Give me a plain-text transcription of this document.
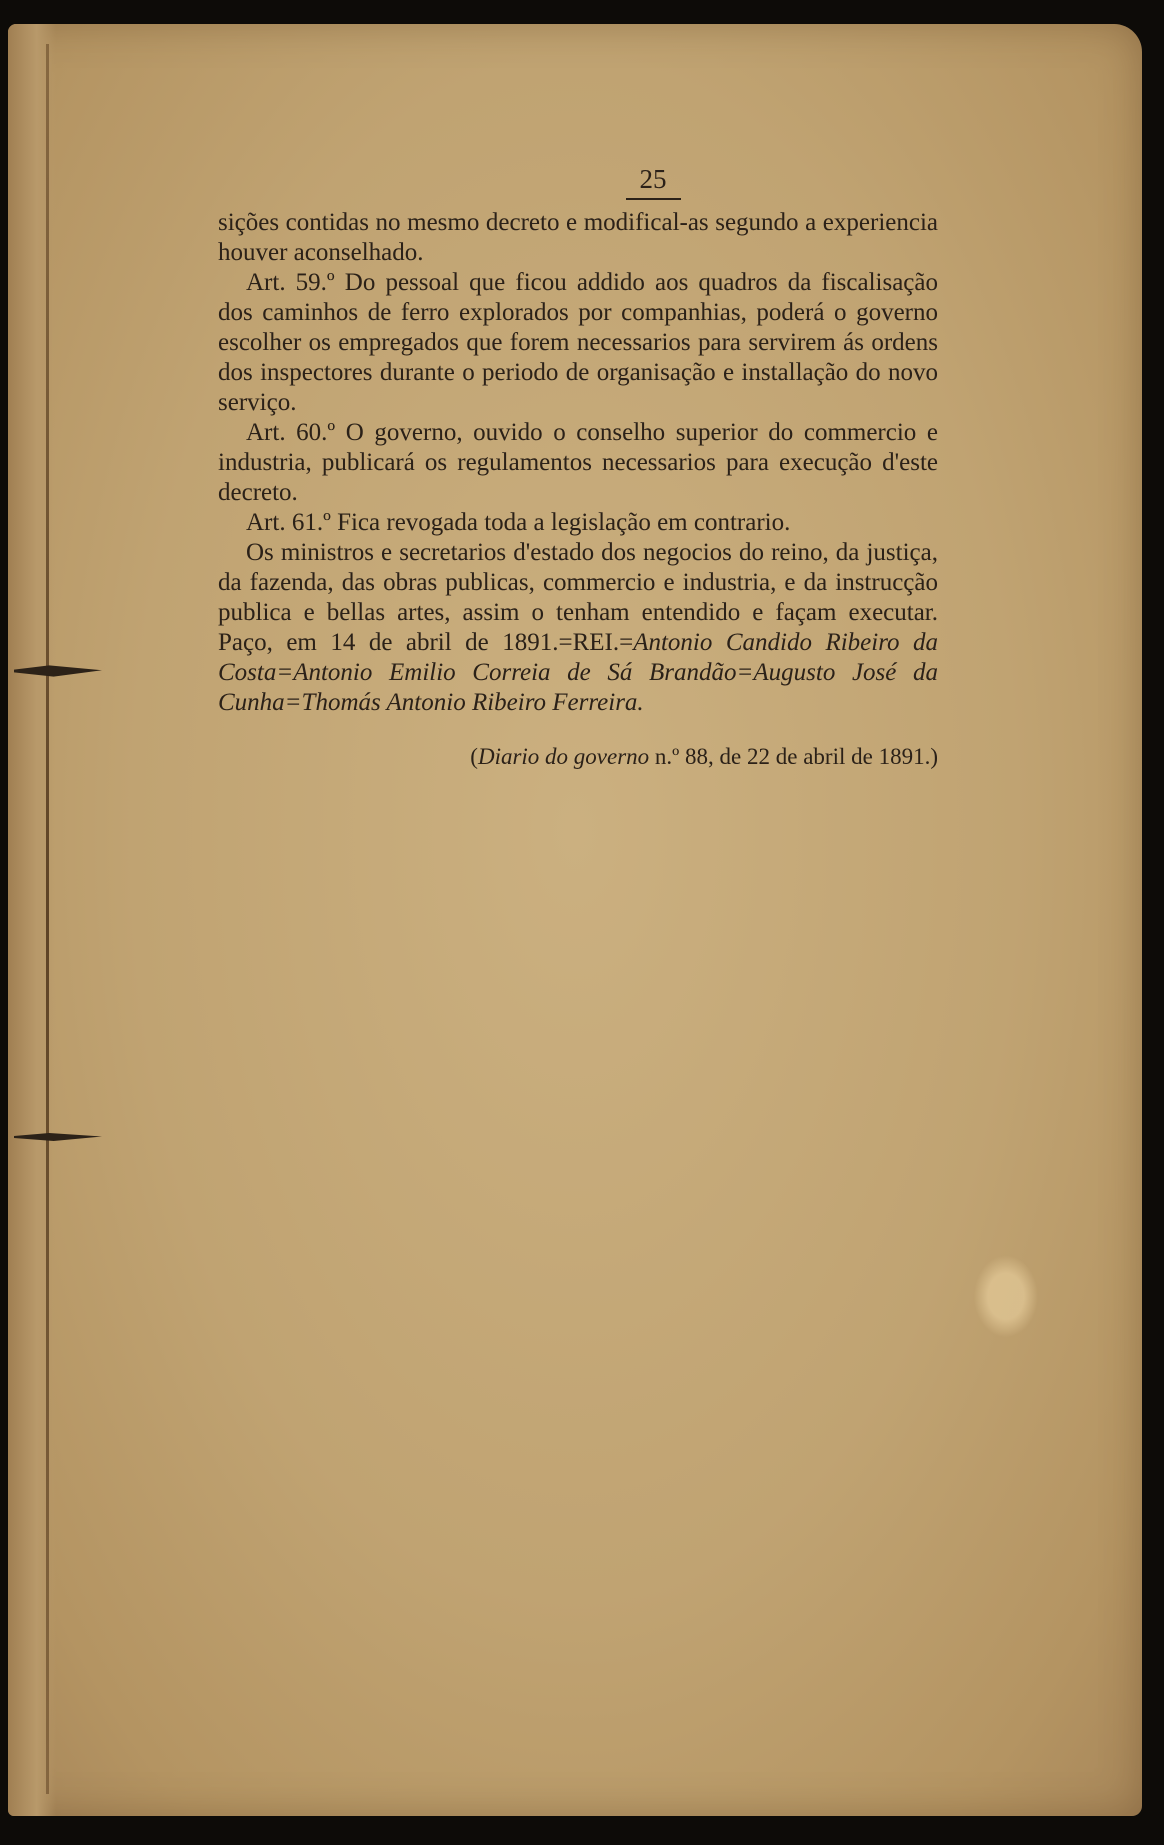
25

sições contidas no mesmo decreto e modifical-as segundo a experiencia houver aconselhado.

Art. 59.º Do pessoal que ficou addido aos quadros da fiscalisação dos caminhos de ferro explorados por companhias, poderá o governo escolher os empregados que forem necessarios para servirem ás ordens dos inspectores durante o periodo de organisação e installação do novo serviço.

Art. 60.º O governo, ouvido o conselho superior do commercio e industria, publicará os regulamentos necessarios para execução d'este decreto.

Art. 61.º Fica revogada toda a legislação em contrario.

Os ministros e secretarios d'estado dos negocios do reino, da justiça, da fazenda, das obras publicas, commercio e industria, e da instrucção publica e bellas artes, assim o tenham entendido e façam executar. Paço, em 14 de abril de 1891.=REI.=Antonio Candido Ribeiro da Costa=Antonio Emilio Correia de Sá Brandão=Augusto José da Cunha=Thomás Antonio Ribeiro Ferreira.

(Diario do governo n.º 88, de 22 de abril de 1891.)
